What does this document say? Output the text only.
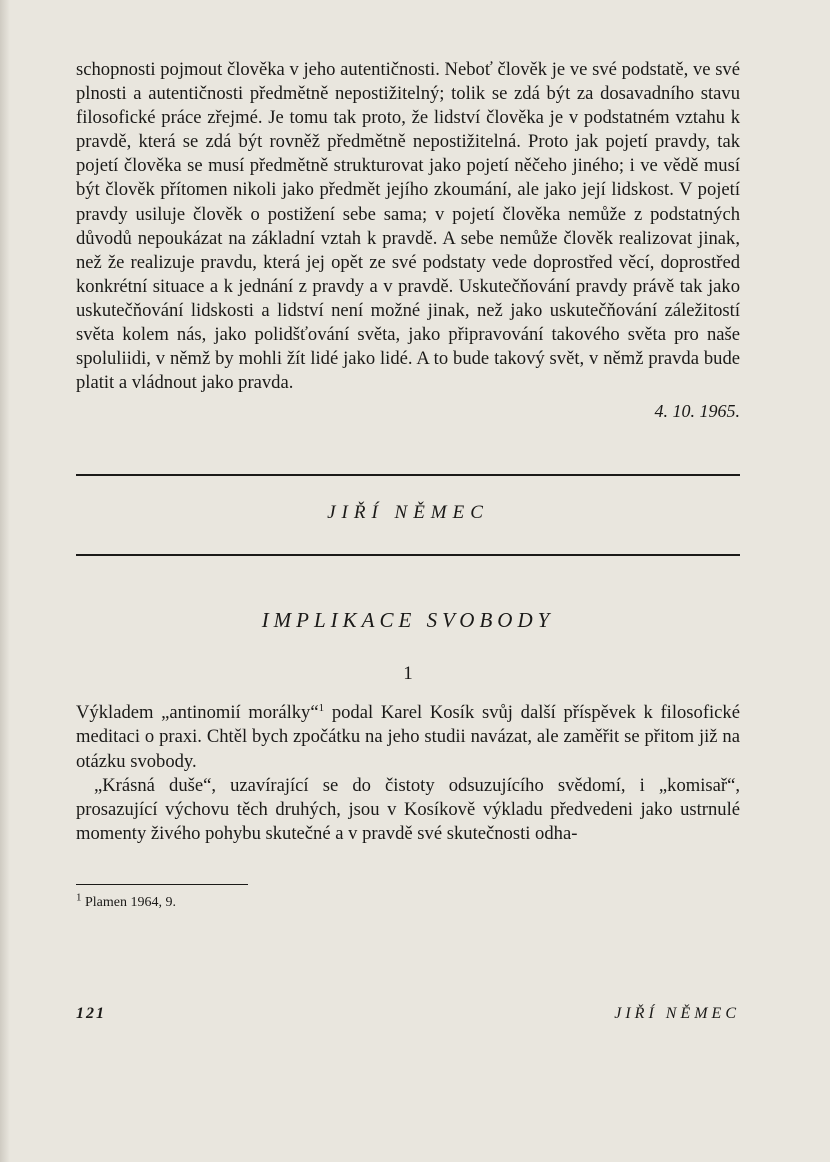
schopnosti pojmout člověka v jeho autentičnosti. Neboť člověk je ve své podstatě, ve své plnosti a autentičnosti předmětně nepostižitelný; tolik se zdá být za dosavadního stavu filosofické práce zřejmé. Je tomu tak proto, že lidství člověka je v podstatném vztahu k pravdě, která se zdá být rovněž předmětně nepostižitelná. Proto jak pojetí pravdy, tak pojetí člověka se musí předmětně strukturovat jako pojetí něčeho jiného; i ve vědě musí být člověk přítomen nikoli jako předmět jejího zkoumání, ale jako její lidskost. V pojetí pravdy usiluje člověk o postižení sebe sama; v pojetí člověka nemůže z podstatných důvodů nepoukázat na základní vztah k pravdě. A sebe nemůže člověk realizovat jinak, než že realizuje pravdu, která jej opět ze své podstaty vede doprostřed věcí, doprostřed konkrétní situace a k jednání z pravdy a v pravdě. Uskutečňování pravdy právě tak jako uskutečňování lidskosti a lidství není možné jinak, než jako uskutečňování záležitostí světa kolem nás, jako polidšťování světa, jako připravování takového světa pro naše spoluliidi, v němž by mohli žít lidé jako lidé. A to bude takový svět, v němž pravda bude platit a vládnout jako pravda.

4. 10. 1965.
JIŘÍ NĚMEC
IMPLIKACE SVOBODY
1

Výkladem „antinomií morálky“$^1$ podal Karel Kosík svůj další příspěvek k filosofické meditaci o praxi. Chtěl bych zpočátku na jeho studii navázat, ale zaměřit se přitom již na otázku svobody.

„Krásná duše“, uzavírající se do čistoty odsuzujícího svědomí, i „komisař“, prosazující výchovu těch druhých, jsou v Kosíkově výkladu předvedeni jako ustrnulé momenty živého pohybu skutečné a v pravdě své skutečnosti odha-

$^1$ Plamen 1964, 9.
121	JIŘÍ NĚMEC
